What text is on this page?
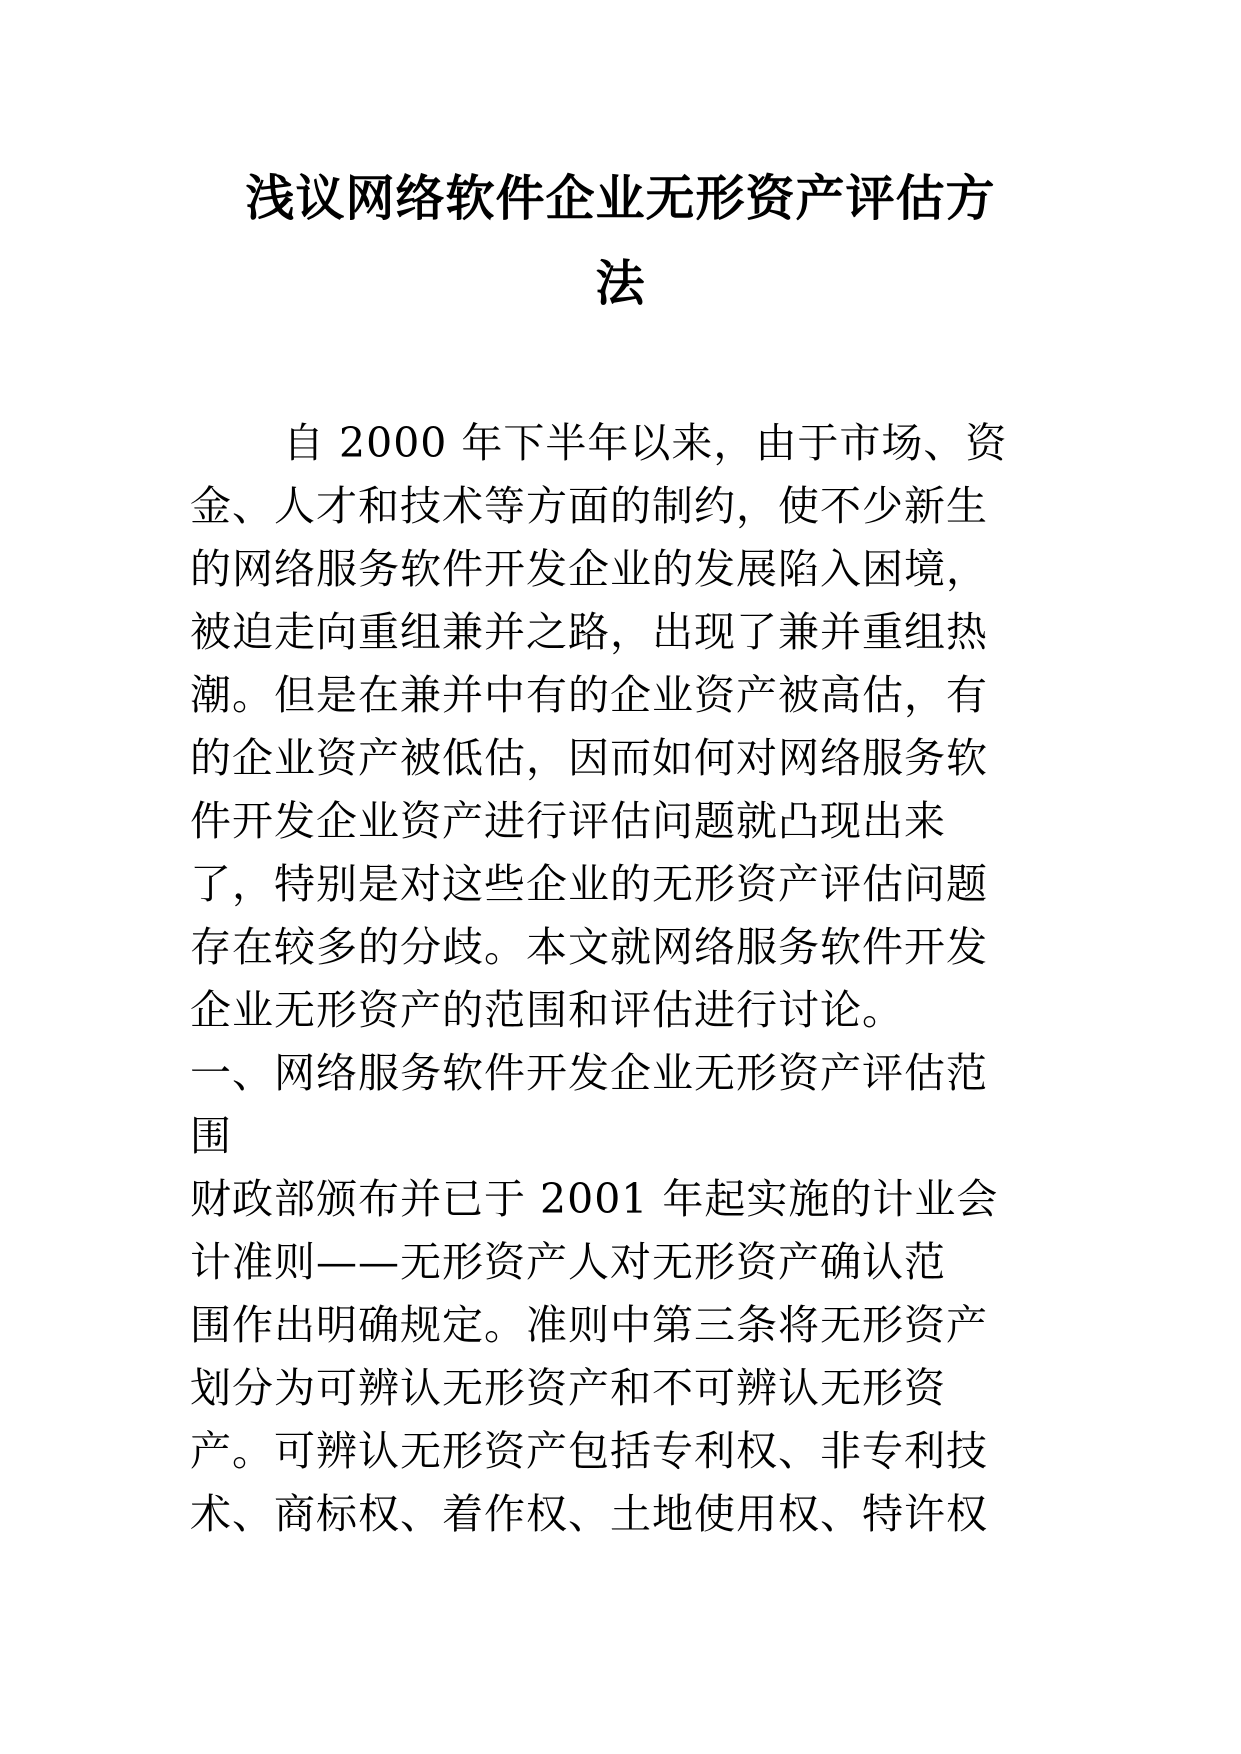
浅议网络软件企业无形资产评估方
法
自 2000 年下半年以来，由于市场、资
金、人才和技术等方面的制约，使不少新生
的网络服务软件开发企业的发展陷入困境，
被迫走向重组兼并之路，出现了兼并重组热
潮。但是在兼并中有的企业资产被高估，有
的企业资产被低估，因而如何对网络服务软
件开发企业资产进行评估问题就凸现出来
了，特别是对这些企业的无形资产评估问题
存在较多的分歧。本文就网络服务软件开发
企业无形资产的范围和评估进行讨论。
一、网络服务软件开发企业无形资产评估范
围
财政部颁布并已于 2001 年起实施的计业会
计准则——无形资产人对无形资产确认范
围作出明确规定。准则中第三条将无形资产
划分为可辨认无形资产和不可辨认无形资
产。可辨认无形资产包括专利权、非专利技
术、商标权、着作权、土地使用权、特许权
